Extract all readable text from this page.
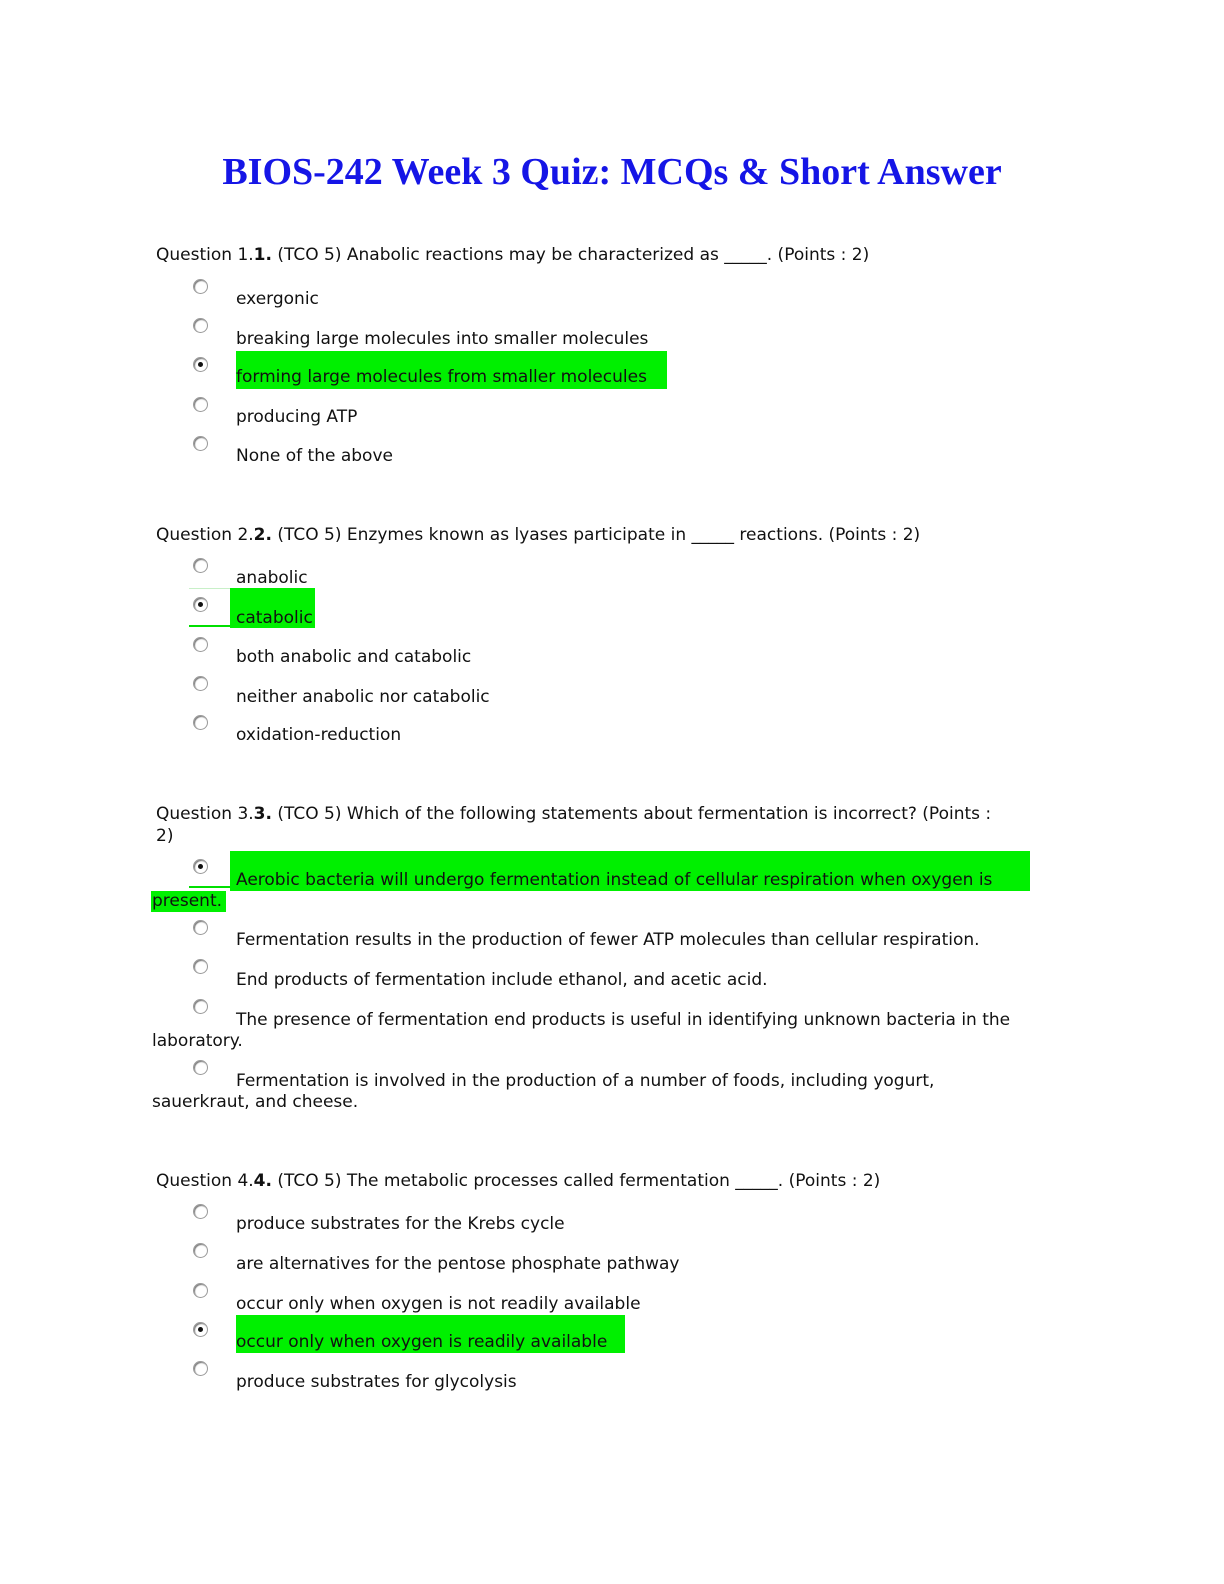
BIOS-242 Week 3 Quiz: MCQs & Short Answer
Question 1.1. (TCO 5) Anabolic reactions may be characterized as _____. (Points : 2)
exergonic
breaking large molecules into smaller molecules
forming large molecules from smaller molecules
producing ATP
None of the above
Question 2.2. (TCO 5) Enzymes known as lyases participate in _____ reactions. (Points : 2)
anabolic
catabolic
both anabolic and catabolic
neither anabolic nor catabolic
oxidation-reduction
Question 3.3. (TCO 5) Which of the following statements about fermentation is incorrect? (Points :
2)
Aerobic bacteria will undergo fermentation instead of cellular respiration when oxygen is
present.
Fermentation results in the production of fewer ATP molecules than cellular respiration.
End products of fermentation include ethanol, and acetic acid.
The presence of fermentation end products is useful in identifying unknown bacteria in the
laboratory.
Fermentation is involved in the production of a number of foods, including yogurt,
sauerkraut, and cheese.
Question 4.4. (TCO 5) The metabolic processes called fermentation _____. (Points : 2)
produce substrates for the Krebs cycle
are alternatives for the pentose phosphate pathway
occur only when oxygen is not readily available
occur only when oxygen is readily available
produce substrates for glycolysis
